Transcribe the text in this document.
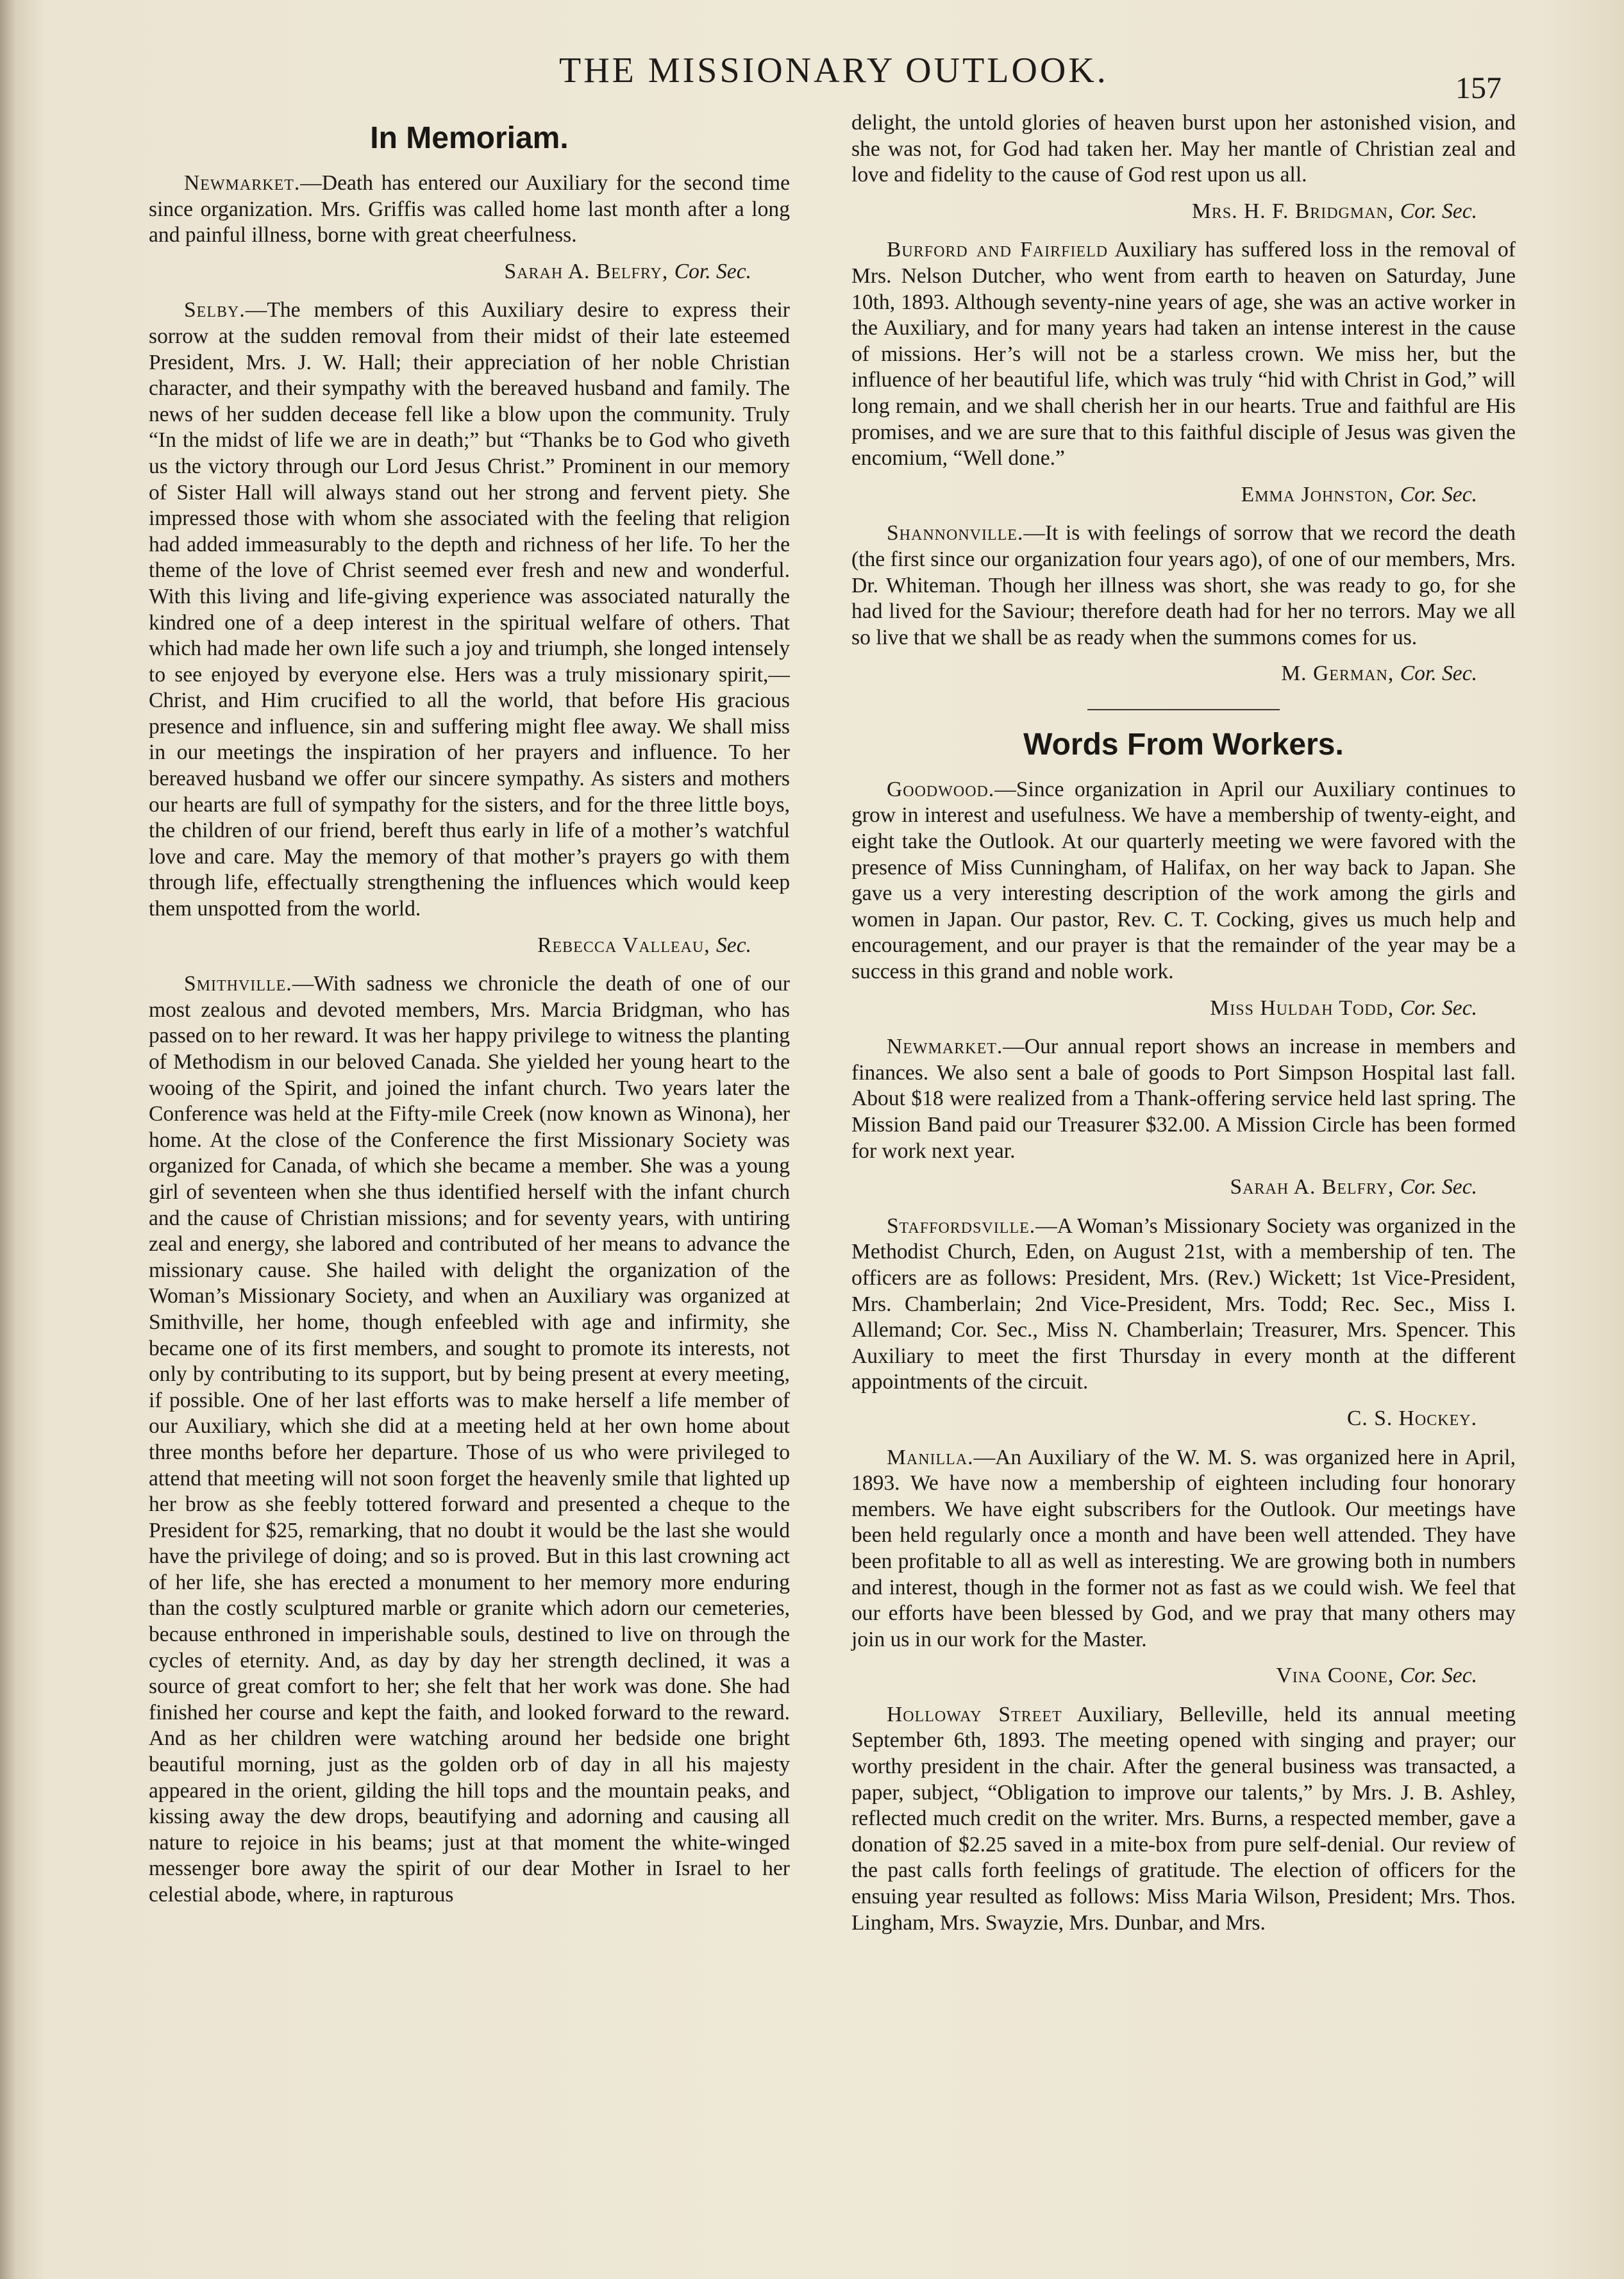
THE MISSIONARY OUTLOOK.	157
In Memoriam.

Newmarket.—Death has entered our Auxiliary for the second time since organization. Mrs. Griffis was called home last month after a long and painful illness, borne with great cheerfulness.

Sarah A. Belfry, Cor. Sec.

Selby.—The members of this Auxiliary desire to express their sorrow at the sudden removal from their midst of their late esteemed President, Mrs. J. W. Hall; their appreciation of her noble Christian character, and their sympathy with the bereaved husband and family. The news of her sudden decease fell like a blow upon the community. Truly “In the midst of life we are in death;” but “Thanks be to God who giveth us the victory through our Lord Jesus Christ.” Prominent in our memory of Sister Hall will always stand out her strong and fervent piety. She impressed those with whom she associated with the feeling that religion had added immeasurably to the depth and richness of her life. To her the theme of the love of Christ seemed ever fresh and new and wonderful. With this living and life-giving experience was associated naturally the kindred one of a deep interest in the spiritual welfare of others. That which had made her own life such a joy and triumph, she longed intensely to see enjoyed by everyone else. Hers was a truly missionary spirit,—Christ, and Him crucified to all the world, that before His gracious presence and influence, sin and suffering might flee away. We shall miss in our meetings the inspiration of her prayers and influence. To her bereaved husband we offer our sincere sympathy. As sisters and mothers our hearts are full of sympathy for the sisters, and for the three little boys, the children of our friend, bereft thus early in life of a mother’s watchful love and care. May the memory of that mother’s prayers go with them through life, effectually strengthening the influences which would keep them unspotted from the world.

Rebecca Valleau, Sec.

Smithville.—With sadness we chronicle the death of one of our most zealous and devoted members, Mrs. Marcia Bridgman, who has passed on to her reward. It was her happy privilege to witness the planting of Methodism in our beloved Canada. She yielded her young heart to the wooing of the Spirit, and joined the infant church. Two years later the Conference was held at the Fifty-mile Creek (now known as Winona), her home. At the close of the Conference the first Missionary Society was organized for Canada, of which she became a member. She was a young girl of seventeen when she thus identified herself with the infant church and the cause of Christian missions; and for seventy years, with untiring zeal and energy, she labored and contributed of her means to advance the missionary cause. She hailed with delight the organization of the Woman’s Missionary Society, and when an Auxiliary was organized at Smithville, her home, though enfeebled with age and infirmity, she became one of its first members, and sought to promote its interests, not only by contributing to its support, but by being present at every meeting, if possible. One of her last efforts was to make herself a life member of our Auxiliary, which she did at a meeting held at her own home about three months before her departure. Those of us who were privileged to attend that meeting will not soon forget the heavenly smile that lighted up her brow as she feebly tottered forward and presented a cheque to the President for $25, remarking, that no doubt it would be the last she would have the privilege of doing; and so is proved. But in this last crowning act of her life, she has erected a monument to her memory more enduring than the costly sculptured marble or granite which adorn our cemeteries, because enthroned in imperishable souls, destined to live on through the cycles of eternity. And, as day by day her strength declined, it was a source of great comfort to her; she felt that her work was done. She had finished her course and kept the faith, and looked forward to the reward. And as her children were watching around her bedside one bright beautiful morning, just as the golden orb of day in all his majesty appeared in the orient, gilding the hill tops and the mountain peaks, and kissing away the dew drops, beautifying and adorning and causing all nature to rejoice in his beams; just at that moment the white-winged messenger bore away the spirit of our dear Mother in Israel to her celestial abode, where, in rapturous

delight, the untold glories of heaven burst upon her astonished vision, and she was not, for God had taken her. May her mantle of Christian zeal and love and fidelity to the cause of God rest upon us all.

Mrs. H. F. Bridgman, Cor. Sec.

Burford and Fairfield Auxiliary has suffered loss in the removal of Mrs. Nelson Dutcher, who went from earth to heaven on Saturday, June 10th, 1893. Although seventy-nine years of age, she was an active worker in the Auxiliary, and for many years had taken an intense interest in the cause of missions. Her’s will not be a starless crown. We miss her, but the influence of her beautiful life, which was truly “hid with Christ in God,” will long remain, and we shall cherish her in our hearts. True and faithful are His promises, and we are sure that to this faithful disciple of Jesus was given the encomium, “Well done.”

Emma Johnston, Cor. Sec.

Shannonville.—It is with feelings of sorrow that we record the death (the first since our organization four years ago), of one of our members, Mrs. Dr. Whiteman. Though her illness was short, she was ready to go, for she had lived for the Saviour; therefore death had for her no terrors. May we all so live that we shall be as ready when the summons comes for us.

M. German, Cor. Sec.
Words From Workers.

Goodwood.—Since organization in April our Auxiliary continues to grow in interest and usefulness. We have a membership of twenty-eight, and eight take the Outlook. At our quarterly meeting we were favored with the presence of Miss Cunningham, of Halifax, on her way back to Japan. She gave us a very interesting description of the work among the girls and women in Japan. Our pastor, Rev. C. T. Cocking, gives us much help and encouragement, and our prayer is that the remainder of the year may be a success in this grand and noble work.

Miss Huldah Todd, Cor. Sec.

Newmarket.—Our annual report shows an increase in members and finances. We also sent a bale of goods to Port Simpson Hospital last fall. About $18 were realized from a Thank-offering service held last spring. The Mission Band paid our Treasurer $32.00. A Mission Circle has been formed for work next year.

Sarah A. Belfry, Cor. Sec.

Staffordsville.—A Woman’s Missionary Society was organized in the Methodist Church, Eden, on August 21st, with a membership of ten. The officers are as follows: President, Mrs. (Rev.) Wickett; 1st Vice-President, Mrs. Chamberlain; 2nd Vice-President, Mrs. Todd; Rec. Sec., Miss I. Allemand; Cor. Sec., Miss N. Chamberlain; Treasurer, Mrs. Spencer. This Auxiliary to meet the first Thursday in every month at the different appointments of the circuit.

C. S. Hockey.

Manilla.—An Auxiliary of the W. M. S. was organized here in April, 1893. We have now a membership of eighteen including four honorary members. We have eight subscribers for the Outlook. Our meetings have been held regularly once a month and have been well attended. They have been profitable to all as well as interesting. We are growing both in numbers and interest, though in the former not as fast as we could wish. We feel that our efforts have been blessed by God, and we pray that many others may join us in our work for the Master.

Vina Coone, Cor. Sec.

Holloway Street Auxiliary, Belleville, held its annual meeting September 6th, 1893. The meeting opened with singing and prayer; our worthy president in the chair. After the general business was transacted, a paper, subject, “Obligation to improve our talents,” by Mrs. J. B. Ashley, reflected much credit on the writer. Mrs. Burns, a respected member, gave a donation of $2.25 saved in a mite-box from pure self-denial. Our review of the past calls forth feelings of gratitude. The election of officers for the ensuing year resulted as follows: Miss Maria Wilson, President; Mrs. Thos. Lingham, Mrs. Swayzie, Mrs. Dunbar, and Mrs.
